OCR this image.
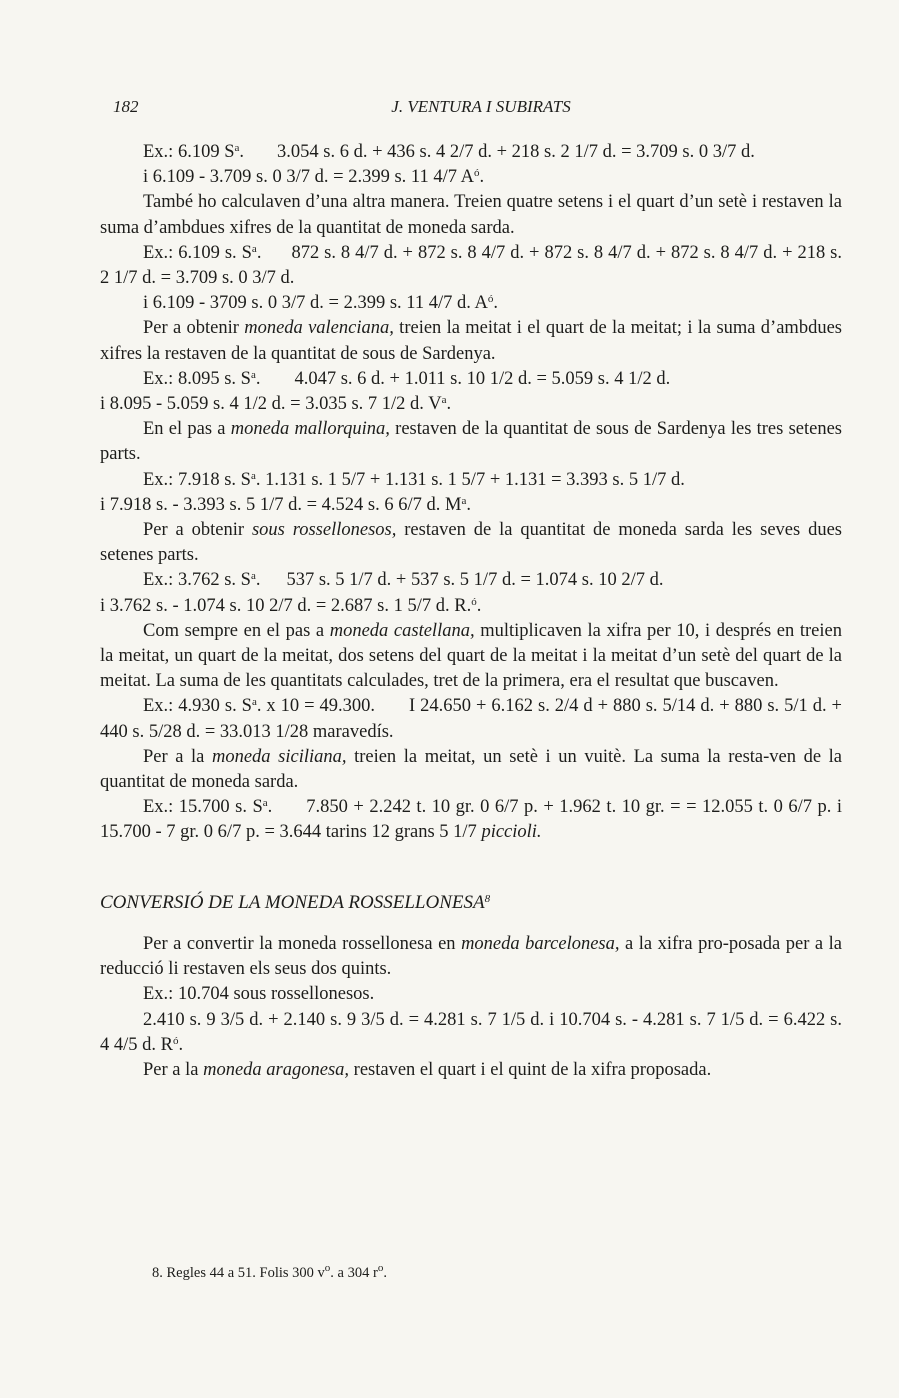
182	J. VENTURA I SUBIRATS

Ex.: 6.109 $S^a$. 3.054 s. 6 d. + 436 s. 4 2/7 d. + 218 s. 2 1/7 d. = 3.709 s. 0 3/7 d.

i 6.109 - 3.709 s. 0 3/7 d. = 2.399 s. 11 4/7 $A^ó$.

També ho calculaven d’una altra manera. Treien quatre setens i el quart d’un setè i restaven la suma d’ambdues xifres de la quantitat de moneda sarda.

Ex.: 6.109 s. $S^a$. 872 s. 8 4/7 d. + 872 s. 8 4/7 d. + 872 s. 8 4/7 d. + 872 s. 8 4/7 d. + 218 s. 2 1/7 d. = 3.709 s. 0 3/7 d.

i 6.109 - 3709 s. 0 3/7 d. = 2.399 s. 11 4/7 d. $A^ó$.

Per a obtenir moneda valenciana, treien la meitat i el quart de la meitat; i la suma d’ambdues xifres la restaven de la quantitat de sous de Sardenya.

Ex.: 8.095 s. $S^a$. 4.047 s. 6 d. + 1.011 s. 10 1/2 d. = 5.059 s. 4 1/2 d.

i 8.095 - 5.059 s. 4 1/2 d. = 3.035 s. 7 1/2 d. $V^a$.

En el pas a moneda mallorquina, restaven de la quantitat de sous de Sardenya les tres setenes parts.

Ex.: 7.918 s. $S^a$. 1.131 s. 1 5/7 + 1.131 s. 1 5/7 + 1.131 = 3.393 s. 5 1/7 d.

i 7.918 s. - 3.393 s. 5 1/7 d. = 4.524 s. 6 6/7 d. $M^a$.

Per a obtenir sous rossellonesos, restaven de la quantitat de moneda sarda les seves dues setenes parts.

Ex.: 3.762 s. $S^a$. 537 s. 5 1/7 d. + 537 s. 5 1/7 d. = 1.074 s. 10 2/7 d.

i 3.762 s. - 1.074 s. 10 2/7 d. = 2.687 s. 1 5/7 d. R.$^ó$.

Com sempre en el pas a moneda castellana, multiplicaven la xifra per 10, i després en treien la meitat, un quart de la meitat, dos setens del quart de la meitat i la meitat d’un setè del quart de la meitat. La suma de les quantitats calculades, tret de la primera, era el resultat que buscaven.

Ex.: 4.930 s. $S^a$. x 10 = 49.300. I 24.650 + 6.162 s. 2/4 d + 880 s. 5/14 d. + 880 s. 5/1 d. + 440 s. 5/28 d. = 33.013 1/28 maravedís.

Per a la moneda siciliana, treien la meitat, un setè i un vuitè. La suma la resta-ven de la quantitat de moneda sarda.

Ex.: 15.700 s. $S^a$. 7.850 + 2.242 t. 10 gr. 0 6/7 p. + 1.962 t. 10 gr. = = 12.055 t. 0 6/7 p. i 15.700 - 7 gr. 0 6/7 p. = 3.644 tarins 12 grans 5 1/7 piccioli.

CONVERSIÓ DE LA MONEDA ROSSELLONESA$^8$

Per a convertir la moneda rossellonesa en moneda barcelonesa, a la xifra pro-posada per a la reducció li restaven els seus dos quints.

Ex.: 10.704 sous rossellonesos.

2.410 s. 9 3/5 d. + 2.140 s. 9 3/5 d. = 4.281 s. 7 1/5 d. i 10.704 s. - 4.281 s. 7 1/5 d. = 6.422 s. 4 4/5 d. $R^ó$.

Per a la moneda aragonesa, restaven el quart i el quint de la xifra proposada.

8. Regles 44 a 51. Folis 300 $v^o$. a 304 $r^o$.
